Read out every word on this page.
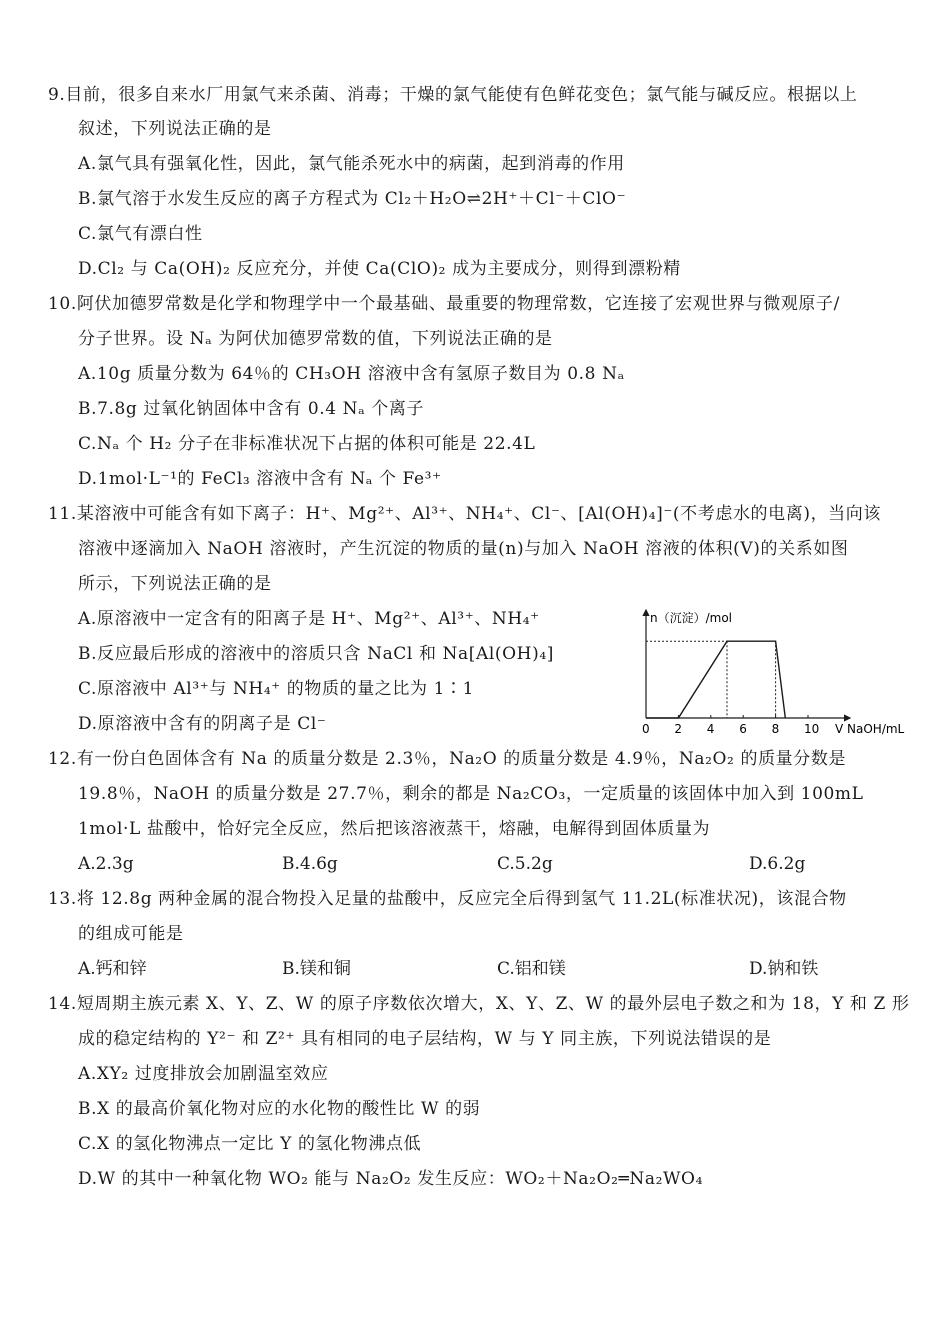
9.目前，很多自来水厂用氯气来杀菌、消毒；干燥的氯气能使有色鲜花变色；氯气能与碱反应。根据以上
叙述，下列说法正确的是
A.氯气具有强氧化性，因此，氯气能杀死水中的病菌，起到消毒的作用
B.氯气溶于水发生反应的离子方程式为 Cl₂＋H₂O⇌2H⁺＋Cl⁻＋ClO⁻
C.氯气有漂白性
D.Cl₂ 与 Ca(OH)₂ 反应充分，并使 Ca(ClO)₂ 成为主要成分，则得到漂粉精
10.阿伏加德罗常数是化学和物理学中一个最基础、最重要的物理常数，它连接了宏观世界与微观原子/
分子世界。设 Nₐ 为阿伏加德罗常数的值，下列说法正确的是
A.10g 质量分数为 64％的 CH₃OH 溶液中含有氢原子数目为 0.8 Nₐ
B.7.8g 过氧化钠固体中含有 0.4 Nₐ 个离子
C.Nₐ 个 H₂ 分子在非标准状况下占据的体积可能是 22.4L
D.1mol·L⁻¹的 FeCl₃ 溶液中含有 Nₐ 个 Fe³⁺
11.某溶液中可能含有如下离子：H⁺、Mg²⁺、Al³⁺、NH₄⁺、Cl⁻、[Al(OH)₄]⁻(不考虑水的电离)，当向该
溶液中逐滴加入 NaOH 溶液时，产生沉淀的物质的量(n)与加入 NaOH 溶液的体积(V)的关系如图
所示，下列说法正确的是
A.原溶液中一定含有的阳离子是 H⁺、Mg²⁺、Al³⁺、NH₄⁺
B.反应最后形成的溶液中的溶质只含 NaCl 和 Na[Al(OH)₄]
C.原溶液中 Al³⁺与 NH₄⁺ 的物质的量之比为 1∶1
D.原溶液中含有的阴离子是 Cl⁻
n（沉淀）/mol
V NaOH/mL
0 2 4 6 8 10
12.有一份白色固体含有 Na 的质量分数是 2.3％，Na₂O 的质量分数是 4.9％，Na₂O₂ 的质量分数是
19.8％，NaOH 的质量分数是 27.7％，剩余的都是 Na₂CO₃，一定质量的该固体中加入到 100mL
1mol·L 盐酸中，恰好完全反应，然后把该溶液蒸干，熔融，电解得到固体质量为
A.2.3g	B.4.6g	C.5.2g	D.6.2g
13.将 12.8g 两种金属的混合物投入足量的盐酸中，反应完全后得到氢气 11.2L(标准状况)，该混合物
的组成可能是
A.钙和锌	B.镁和铜	C.铝和镁	D.钠和铁
14.短周期主族元素 X、Y、Z、W 的原子序数依次增大，X、Y、Z、W 的最外层电子数之和为 18，Y 和 Z 形
成的稳定结构的 Y²⁻ 和 Z²⁺ 具有相同的电子层结构，W 与 Y 同主族，下列说法错误的是
A.XY₂ 过度排放会加剧温室效应
B.X 的最高价氧化物对应的水化物的酸性比 W 的弱
C.X 的氢化物沸点一定比 Y 的氢化物沸点低
D.W 的其中一种氧化物 WO₂ 能与 Na₂O₂ 发生反应：WO₂＋Na₂O₂═Na₂WO₄
